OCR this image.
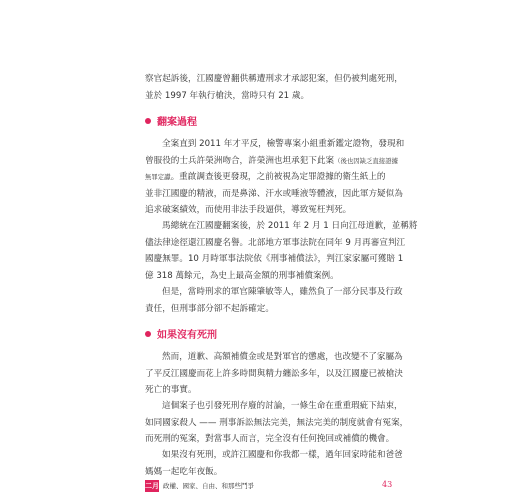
察官起訴後，江國慶曾翻供稱遭刑求才承認犯案，但仍被判處死刑，
並於 1997 年執行槍決，當時只有 21 歲。

翻案過程

全案直到 2011 年才平反，檢警專案小組重新鑑定證物，發現和
曾服役的士兵許榮洲吻合，許榮洲也坦承犯下此案（後也因缺乏直接證據
無罪定讞。重啟調查後更發現，之前被視為定罪證據的衛生紙上的
並非江國慶的精液，而是鼻涕、汗水或唾液等體液，因此軍方疑似為
追求破案績效，而使用非法手段逼供，導致冤枉判死。

馬總統在江國慶翻案後，於 2011 年 2 月 1 日向江母道歉，並稱將
儘法律途徑還江國慶名譽。北部地方軍事法院在同年 9 月再審宣判江
國慶無罪。10 月時軍事法院依《刑事補償法》，判江家家屬可獲賠 1
億 318 萬餘元，為史上最高金額的刑事補償案例。

但是，當時刑求的軍官陳肇敏等人，雖然負了一部分民事及行政
責任，但刑事部分卻不起訴確定。

如果沒有死刑

然而，道歉、高額補償金或是對軍官的懲處，也改變不了家屬為
了平反江國慶而花上許多時間與精力纏訟多年，以及江國慶已被槍決
死亡的事實。

這個案子也引發死刑存廢的討論，一條生命在重重瑕疵下結束，
如同國家殺人 —— 刑事訴訟無法完美，無法完美的制度就會有冤案，
而死刑的冤案，對當事人而言，完全沒有任何挽回或補償的機會。

如果沒有死刑，或許江國慶和你我都一樣，過年回家時能和爸爸
媽媽一起吃年夜飯。

二月 政權、國家、自由、和那些鬥爭	43
